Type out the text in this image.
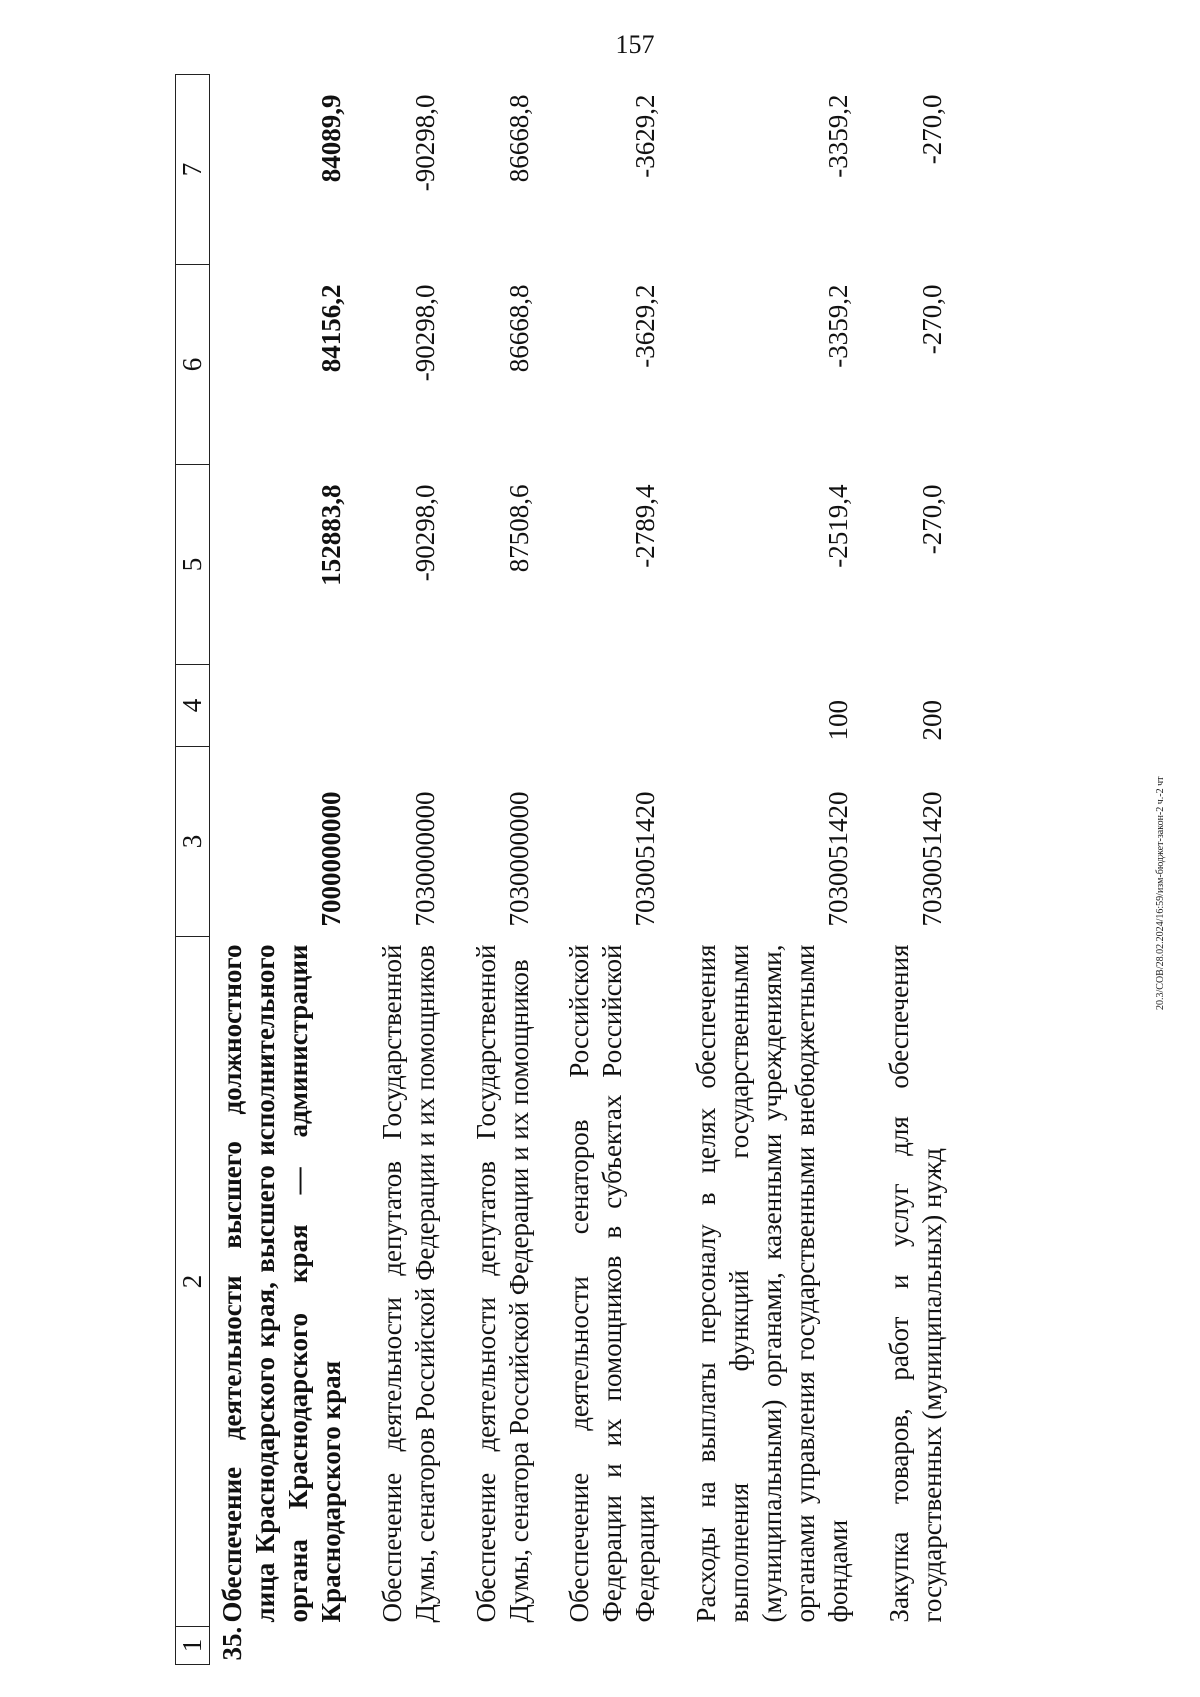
157
20.3/СОВ/28.02.2024/16:59/изм-бюджет-закон-2 ч.-2 чт
1	2	3	4	5	6	7
35.	Обеспечение деятельности высшего должностного лица Краснодарского края, высшего исполнительного органа Краснодарского края — администрации Краснодарского края	7000000000		152883,8	84156,2	84089,9
	Обеспечение деятельности депутатов Государственной Думы, сенаторов Российской Федерации и их помощников	7030000000		-90298,0	-90298,0	-90298,0
	Обеспечение деятельности депутатов Государственной Думы, сенатора Российской Федерации и их помощников	7030000000		87508,6	86668,8	86668,8
	Обеспечение деятельности сенаторов Российской Федерации и их помощников в субъектах Российской Федерации	7030051420		-2789,4	-3629,2	-3629,2
	Расходы на выплаты персоналу в целях обеспечения выполнения функций государственными (муниципальными) органами, казенными учреждениями, органами управления государственными внебюджетными фондами	7030051420	100	-2519,4	-3359,2	-3359,2
	Закупка товаров, работ и услуг для обеспечения государственных (муниципальных) нужд	7030051420	200	-270,0	-270,0	-270,0
